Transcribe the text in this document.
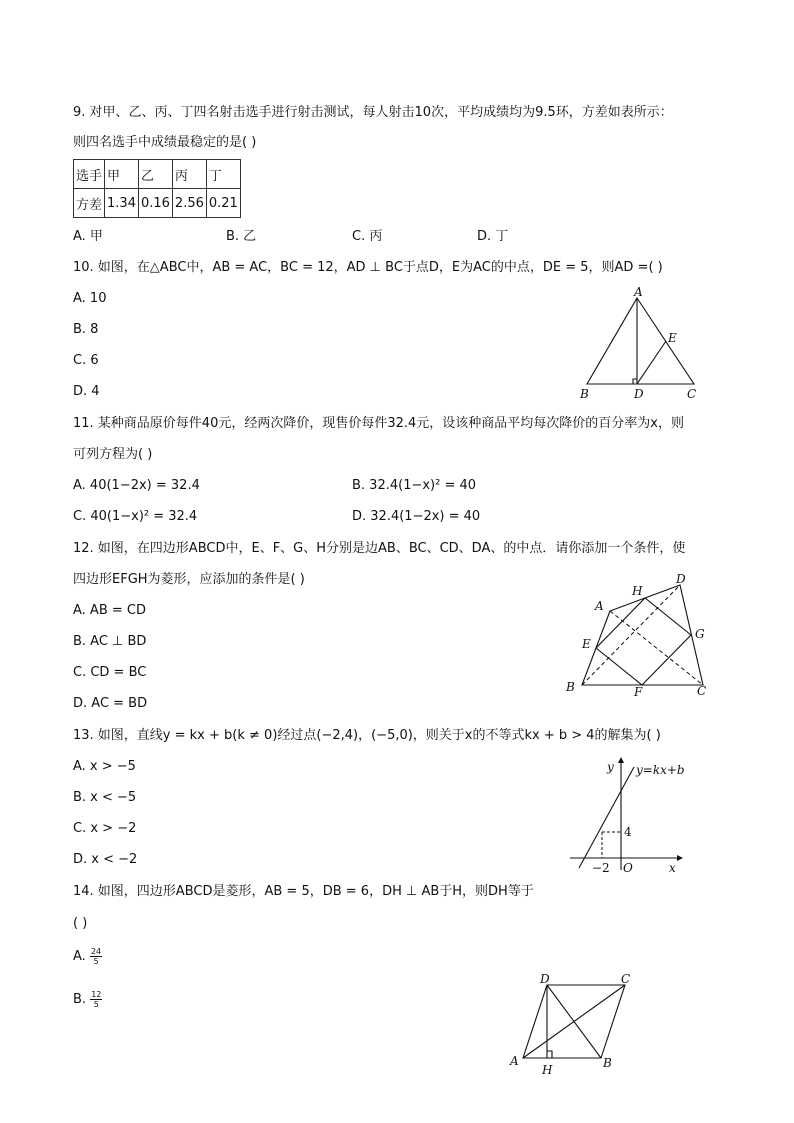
9. 对甲、乙、丙、丁四名射击选手进行射击测试，每人射击10次，平均成绩均为9.5环，方差如表所示：
则四名选手中成绩最稳定的是( )
选手	甲	乙	丙	丁
方差	1.34	0.16	2.56	0.21
A. 甲	B. 乙	C. 丙	D. 丁
10. 如图，在△ABC中，AB = AC，BC = 12，AD ⊥ BC于点D，E为AC的中点，DE = 5，则AD =( )
A. 10
B. 8
C. 6
D. 4
A
B	C
D
E
11. 某种商品原价每件40元，经两次降价，现售价每件32.4元，设该种商品平均每次降价的百分率为x，则
可列方程为( )
A. 40(1−2x) = 32.4	B. 32.4(1−x)² = 40
C. 40(1−x)² = 32.4	D. 32.4(1−2x) = 40
12. 如图，在四边形ABCD中，E、F、G、H分别是边AB、BC、CD、DA、的中点．请你添加一个条件，使
四边形EFGH为菱形，应添加的条件是( )
A. AB = CD
B. AC ⊥ BD
C. CD = BC
D. AC = BD
A
B	C
D
E
F
G
H
13. 如图，直线y = kx + b(k ≠ 0)经过点(−2,4)，(−5,0)，则关于x的不等式kx + b > 4的解集为( )
A. x > −5
B. x < −5
C. x > −2
D. x < −2
y
x
y=kx+b
4
−2 O
14. 如图，四边形ABCD是菱形，AB = 5，DB = 6，DH ⊥ AB于H，则DH等于
( )
A. $\frac{24}{5}$
B. $\frac{12}{5}$
D	C
A	B
H
